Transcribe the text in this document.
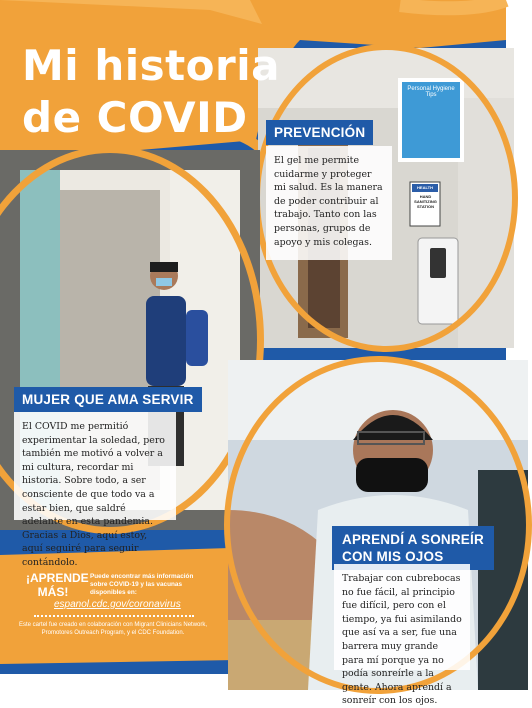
Personal Hygiene Tips
HEALTH
HAND SANITIZING STATION
Mi historia
de COVID	PREVENCIÓN
El gel me permite cuidarme y proteger mi salud. Es la manera de poder contribuir al trabajo. Tanto con las personas, grupos de apoyo y mis colegas.
MUJER QUE AMA SERVIR
El COVID me permitió experimentar la soledad, pero también me motivó a volver a mi cultura, recordar mi historia. Sobre todo, a ser consciente de que todo va a estar bien, que saldré adelante en esta pandemia. Gracias a Dios, aquí estoy, aquí seguiré para seguir contándolo.
APRENDÍ A SONREÍR
CON MIS OJOS
Trabajar con cubrebocas no fue fácil, al principio fue difícil, pero con el tiempo, ya fui asimilando que así va a ser, fue una barrera muy grande para mí porque ya no podía sonreírle a la gente. Ahora aprendí a sonreír con los ojos.
¡APRENDE
MÁS!
Puede encontrar más información sobre COVID-19 y las vacunas disponibles en:
espanol.cdc.gov/coronavirus
Este cartel fue creado en colaboración con Migrant Clinicians Network, Promotores Outreach Program, y el CDC Foundation.
